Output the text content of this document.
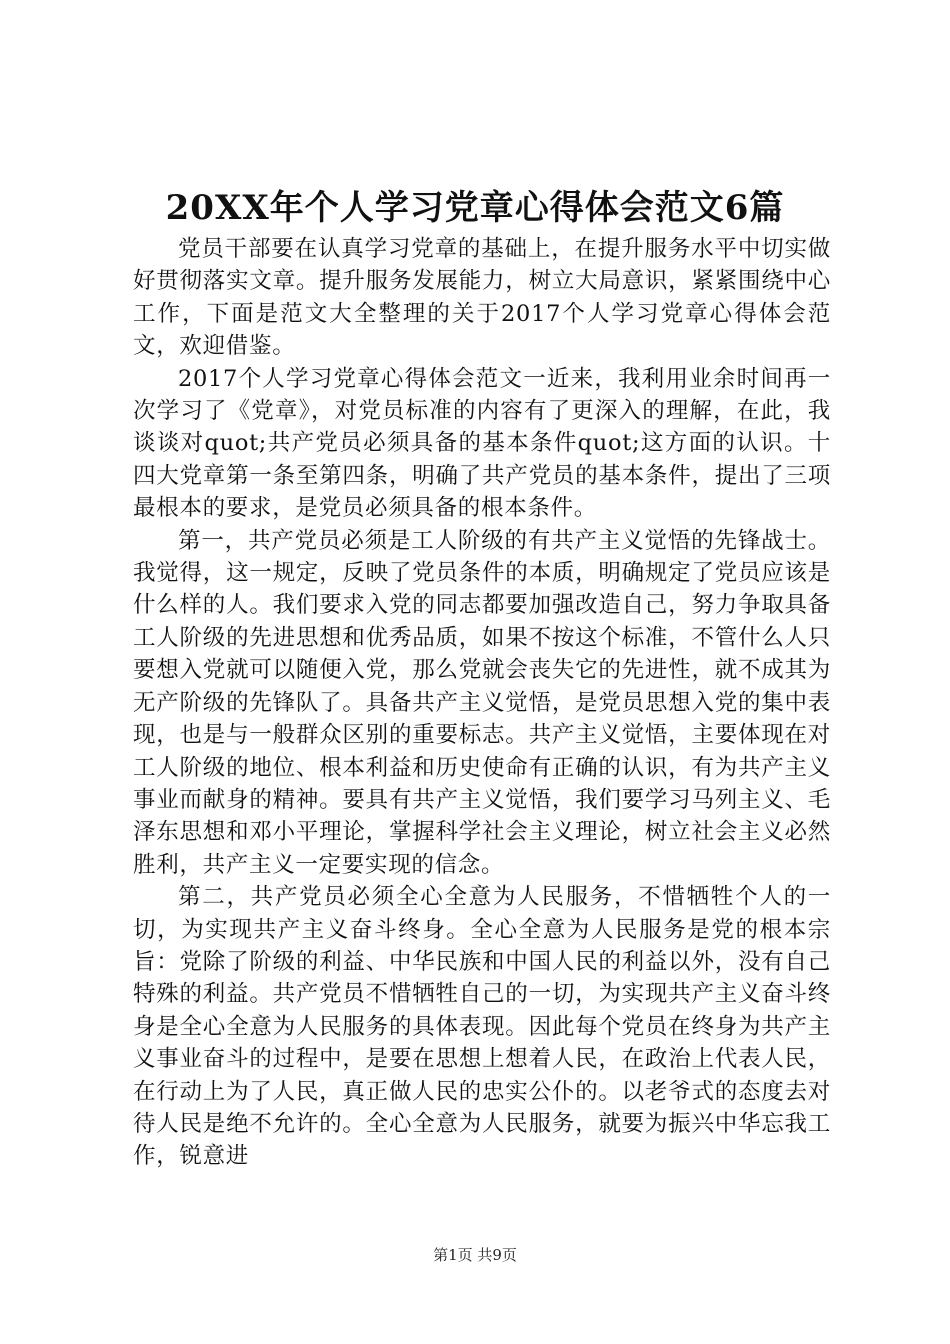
20XX年个人学习党章心得体会范文6篇

党员干部要在认真学习党章的基础上，在提升服务水平中切实做好贯彻落实文章。提升服务发展能力，树立大局意识，紧紧围绕中心工作，下面是范文大全整理的关于2017个人学习党章心得体会范文，欢迎借鉴。

2017个人学习党章心得体会范文一近来，我利用业余时间再一次学习了《党章》，对党员标准的内容有了更深入的理解，在此，我谈谈对quot;共产党员必须具备的基本条件quot;这方面的认识。十四大党章第一条至第四条，明确了共产党员的基本条件，提出了三项最根本的要求，是党员必须具备的根本条件。

第一，共产党员必须是工人阶级的有共产主义觉悟的先锋战士。我觉得，这一规定，反映了党员条件的本质，明确规定了党员应该是什么样的人。我们要求入党的同志都要加强改造自己，努力争取具备工人阶级的先进思想和优秀品质，如果不按这个标准，不管什么人只要想入党就可以随便入党，那么党就会丧失它的先进性，就不成其为无产阶级的先锋队了。具备共产主义觉悟，是党员思想入党的集中表现，也是与一般群众区别的重要标志。共产主义觉悟，主要体现在对工人阶级的地位、根本利益和历史使命有正确的认识，有为共产主义事业而献身的精神。要具有共产主义觉悟，我们要学习马列主义、毛泽东思想和邓小平理论，掌握科学社会主义理论，树立社会主义必然胜利，共产主义一定要实现的信念。

第二，共产党员必须全心全意为人民服务，不惜牺牲个人的一切，为实现共产主义奋斗终身。全心全意为人民服务是党的根本宗旨：党除了阶级的利益、中华民族和中国人民的利益以外，没有自己特殊的利益。共产党员不惜牺牲自己的一切，为实现共产主义奋斗终身是全心全意为人民服务的具体表现。因此每个党员在终身为共产主义事业奋斗的过程中，是要在思想上想着人民，在政治上代表人民，在行动上为了人民，真正做人民的忠实公仆的。以老爷式的态度去对待人民是绝不允许的。全心全意为人民服务，就要为振兴中华忘我工作，锐意进

第1页 共9页
